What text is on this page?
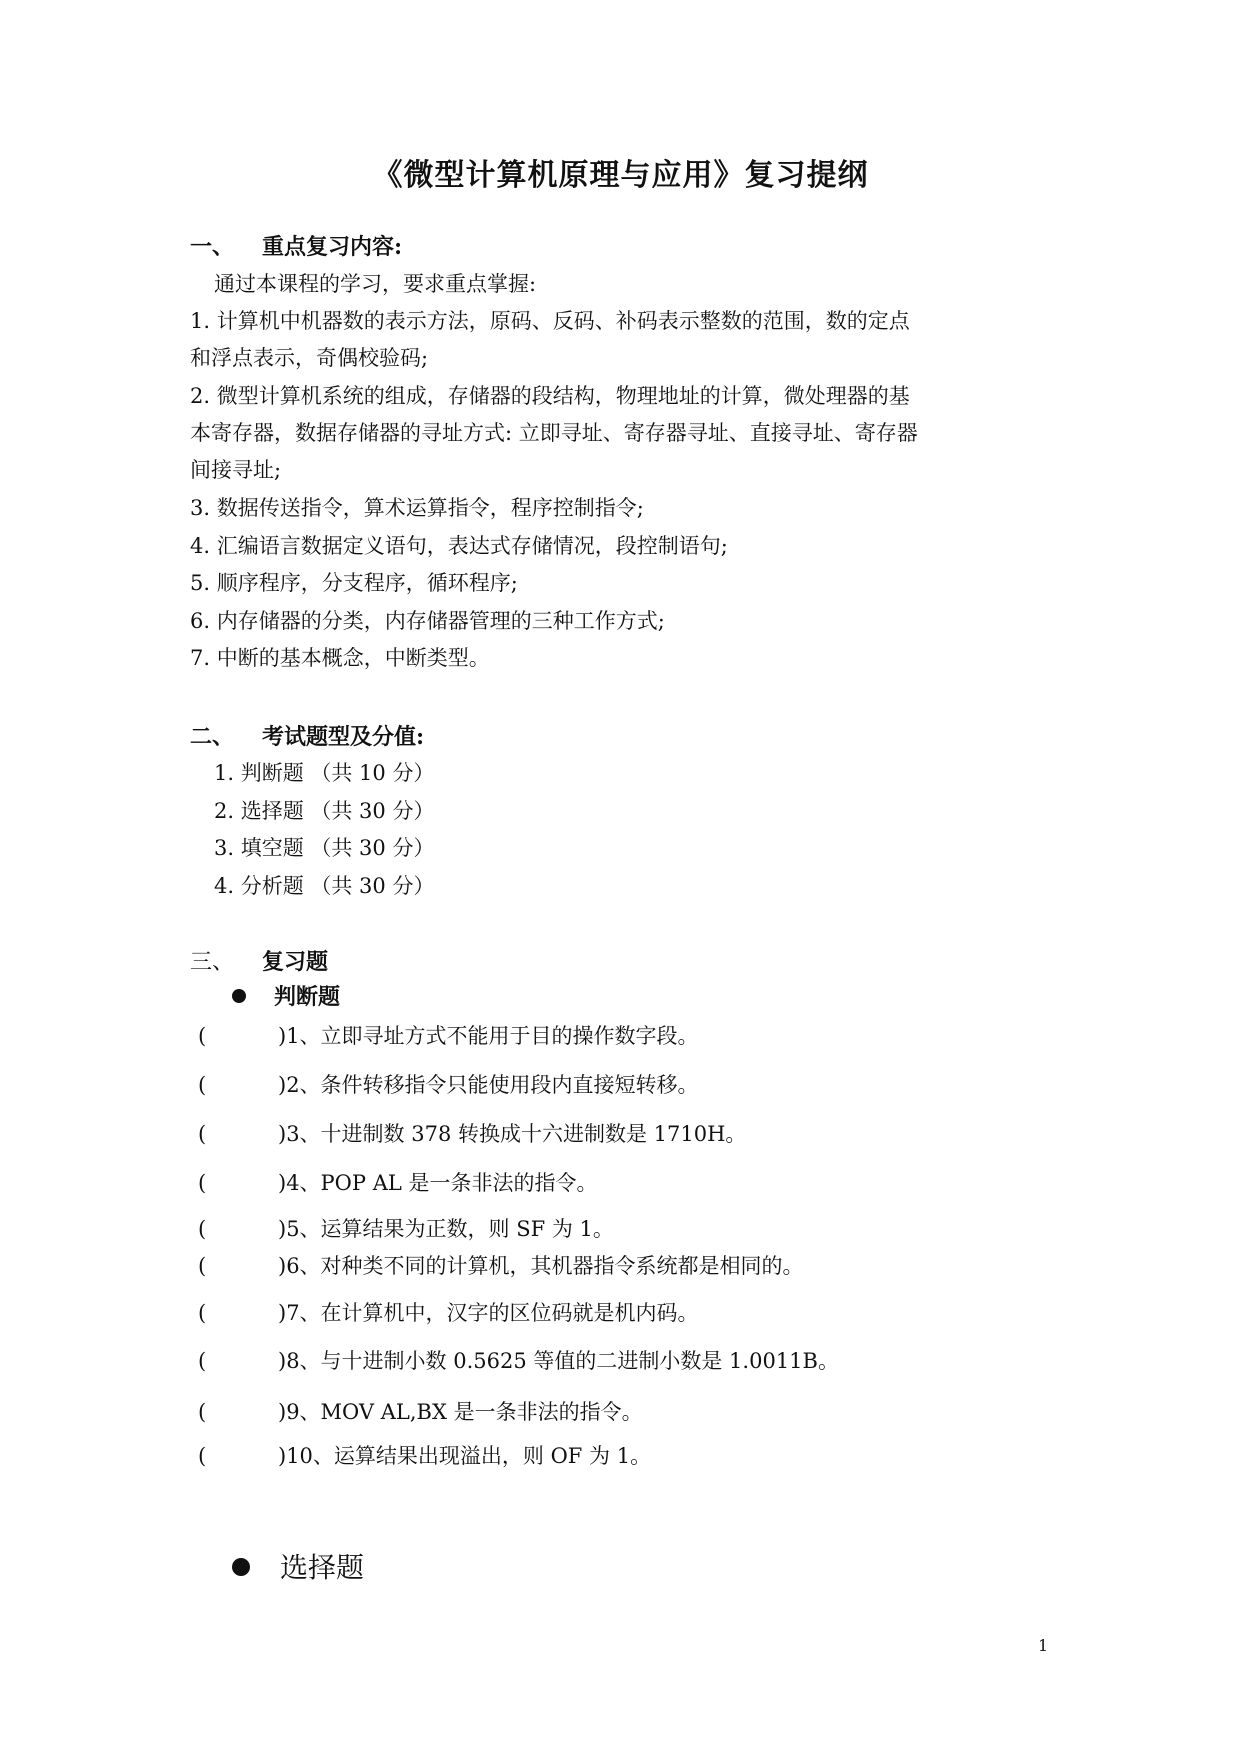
《微型计算机原理与应用》复习提纲
一、 重点复习内容:
通过本课程的学习，要求重点掌握:
1. 计算机中机器数的表示方法，原码、反码、补码表示整数的范围，数的定点
和浮点表示，奇偶校验码;
2. 微型计算机系统的组成，存储器的段结构，物理地址的计算，微处理器的基
本寄存器，数据存储器的寻址方式: 立即寻址、寄存器寻址、直接寻址、寄存器
间接寻址;
3. 数据传送指令，算术运算指令，程序控制指令;
4. 汇编语言数据定义语句，表达式存储情况，段控制语句;
5. 顺序程序，分支程序，循环程序;
6. 内存储器的分类，内存储器管理的三种工作方式;
7. 中断的基本概念，中断类型。
二、 考试题型及分值:
1. 判断题 （共 10 分）
2. 选择题 （共 30 分）
3. 填空题 （共 30 分）
4. 分析题 （共 30 分）
三、 复习题
判断题
(	)1、立即寻址方式不能用于目的操作数字段。
(	)2、条件转移指令只能使用段内直接短转移。
(	)3、十进制数 378 转换成十六进制数是 1710H。
(	)4、POP AL 是一条非法的指令。
(	)5、运算结果为正数，则 SF 为 1。
(	)6、对种类不同的计算机，其机器指令系统都是相同的。
(	)7、在计算机中，汉字的区位码就是机内码。
(	)8、与十进制小数 0.5625 等值的二进制小数是 1.0011B。
(	)9、MOV AL,BX 是一条非法的指令。
(	)10、运算结果出现溢出，则 OF 为 1。
选择题
1
